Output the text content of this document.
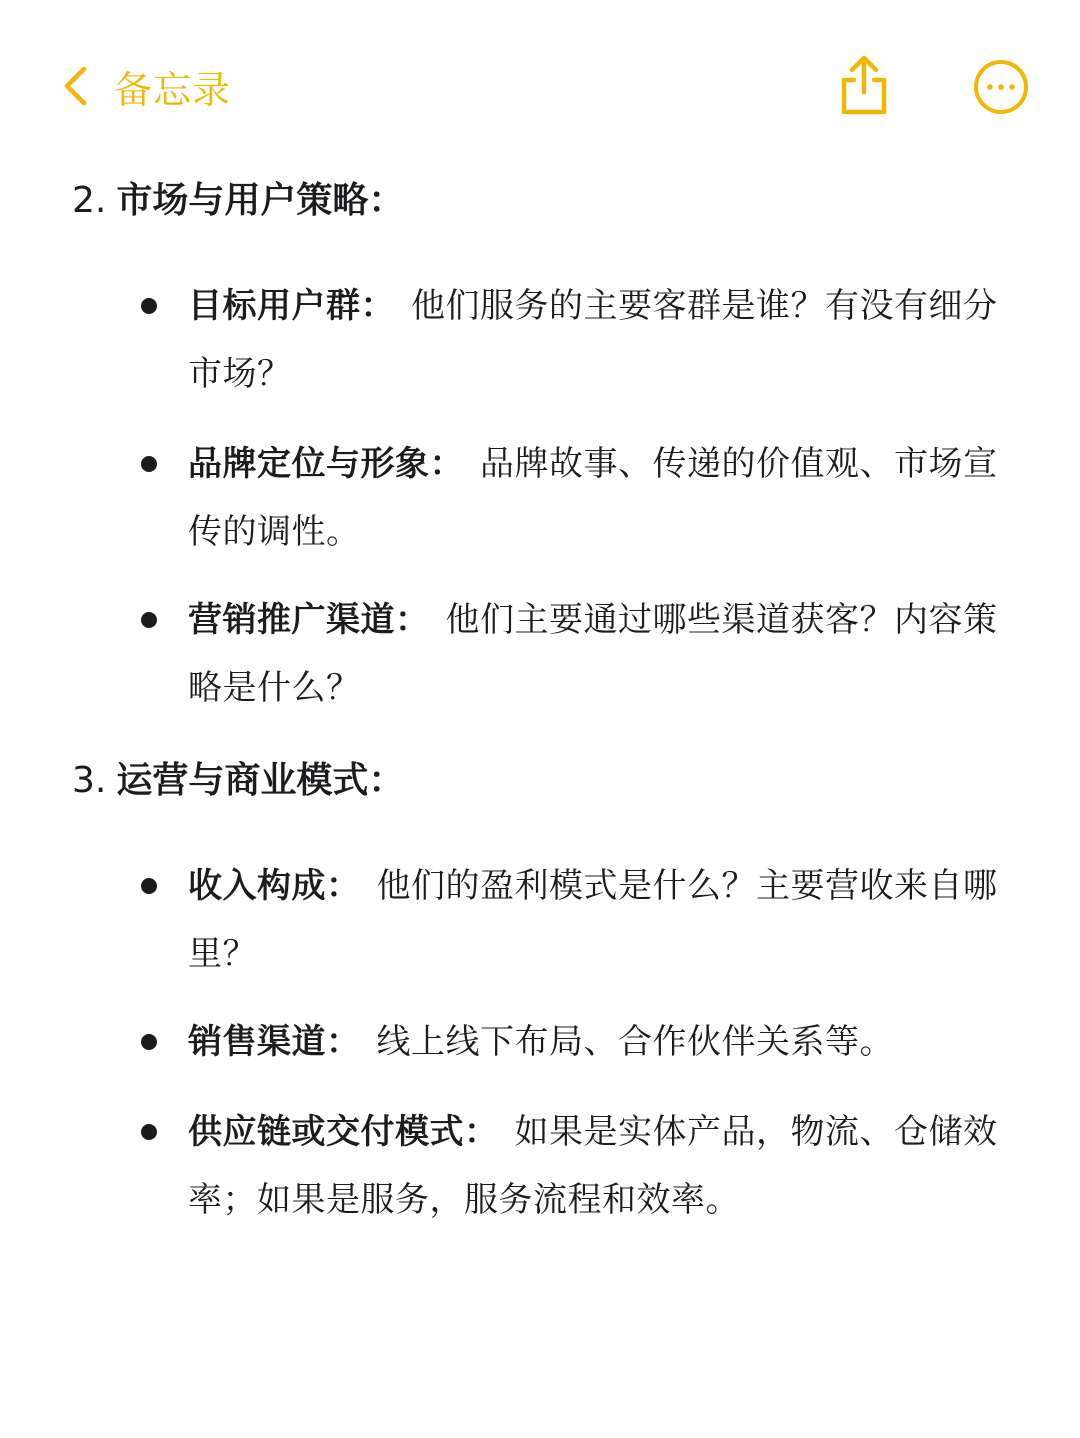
备忘录
2. 市场与用户策略：
目标用户群： 他们服务的主要客群是谁？有没有细分市场？
品牌定位与形象： 品牌故事、传递的价值观、市场宣传的调性。
营销推广渠道： 他们主要通过哪些渠道获客？内容策略是什么？
3. 运营与商业模式：
收入构成： 他们的盈利模式是什么？主要营收来自哪里？
销售渠道： 线上线下布局、合作伙伴关系等。
供应链或交付模式： 如果是实体产品，物流、仓储效率；如果是服务，服务流程和效率。
